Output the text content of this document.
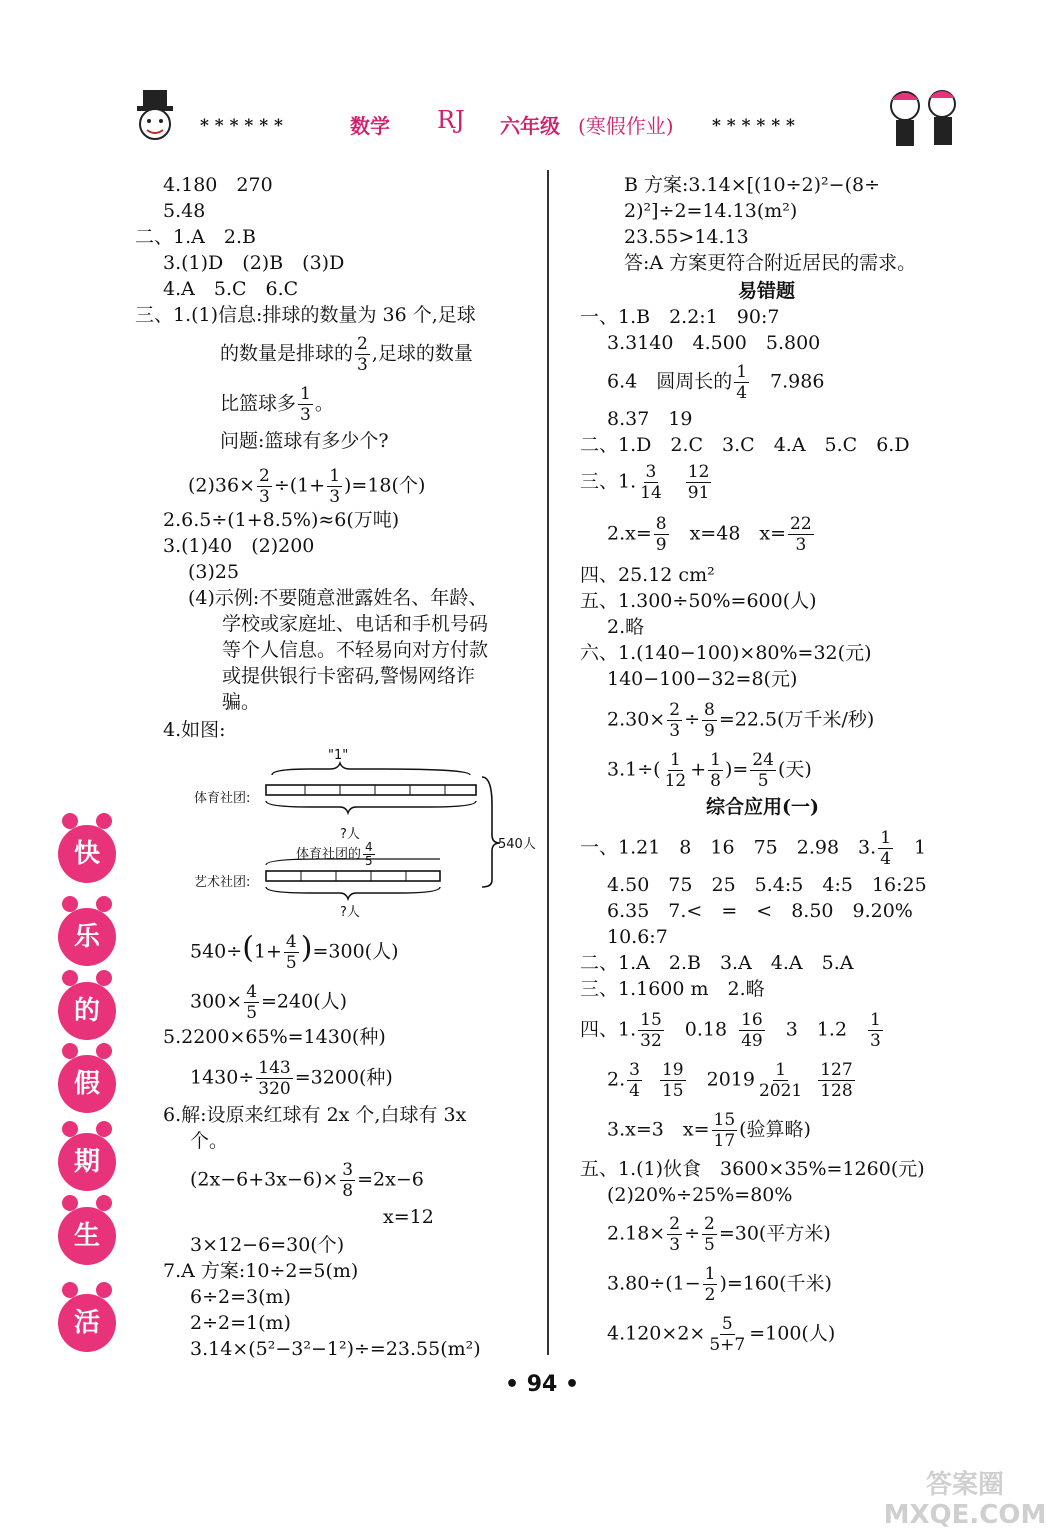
* * * * * *	数学 RJ 六年级 (寒假作业) * * * * * *
快
乐
的
假
期
生
活
4.180　270
5.48
二、1.A　2.B
3.(1)D　(2)B　(3)D
4.A　5.C　6.C
三、1.(1)信息:排球的数量为 36 个,足球
的数量是排球的 $\frac{2}{3}$ ,足球的数量
比篮球多 $\frac{1}{3}$ 。
问题:篮球有多少个?
$(2)36\times \frac{2}{3} \div(1+ \frac{1}{3} )=18$(个)
2.6.5÷(1+8.5%)≈6(万吨)
3.(1)40　(2)200
(3)25
(4)示例:不要随意泄露姓名、年龄、
学校或家庭址、电话和手机号码
等个人信息。不轻易向对方付款
或提供银行卡密码,警惕网络诈
骗。
4.如图:
"1"
体育社团:
?人
540人
体育社团的 $\frac{4}{5}$
艺术社团:
?人
$540\div(1+ \frac{4}{5} )=300$(人)
$300\times \frac{4}{5} =240$(人)
5.2200×65%=1430(种)
$1430\div \frac{143}{320} =3200$(种)
6.解:设原来红球有 2x 个,白球有 3x
个。
$(2x-6+3x-6)\times \frac{3}{8} =2x-6$
x=12
3×12−6=30(个)
7.A 方案:10÷2=5(m)
6÷2=3(m)
2÷2=1(m)
3.14×(5²−3²−1²)÷=23.55(m²)
B 方案:3.14×[(10÷2)²−(8÷
2)²]÷2=14.13(m²)
23.55>14.13
答:A 方案更符合附近居民的需求。
易错题
一、1.B　2.2:1　90:7
3.3140　4.500　5.800
6.4　圆周长的 $\frac{1}{4}$ 　7.986
8.37　19
二、1.D　2.C　3.C　4.A　5.C　6.D
三、1. $\frac{3}{14} \frac{12}{91}$
$2.x= \frac{8}{9}$ 　x=48　$x= \frac{22}{3}$
四、25.12 cm²
五、1.300÷50%=600(人)
2.略
六、1.(140−100)×80%=32(元)
140−100−32=8(元)
$2.30\times \frac{2}{3} \div \frac{8}{9} =22.5$(万千米/秒)
$3.1\div( \frac{1}{12} + \frac{1}{8}$ )= $\frac{24}{5}$ (天)
综合应用(一)
一、1.21　8　16　75　2.98　3. $\frac{1}{4}$ 　1
4.50　75　25　5.4:5　4:5　16:25
6.35　7.<　=　<　8.50　9.20%
10.6:7
二、1.A　2.B　3.A　4.A　5.A
三、1.1600 m　2.略
四、1. $\frac{15}{32}$ 　$0.18 \frac{16}{49}$ 　3　1.2　 $\frac{1}{3}$
2. $\frac{3}{4} \frac{19}{15}$ 　$2019 \frac{1}{2021} \frac{127}{128}$
3.x=3　$x= \frac{15}{17}$ (验算略)
五、1.(1)伙食　3600×35%=1260(元)
(2)20%÷25%=80%
$2.18\times \frac{2}{3} \div \frac{2}{5} =30$(平方米)
$3.80\div(1- \frac{1}{2} )=160$(千米)
$4.120\times 2\times \frac{5}{5+7} =100$(人)
• 94 •
答案圈 MXQE.COM
